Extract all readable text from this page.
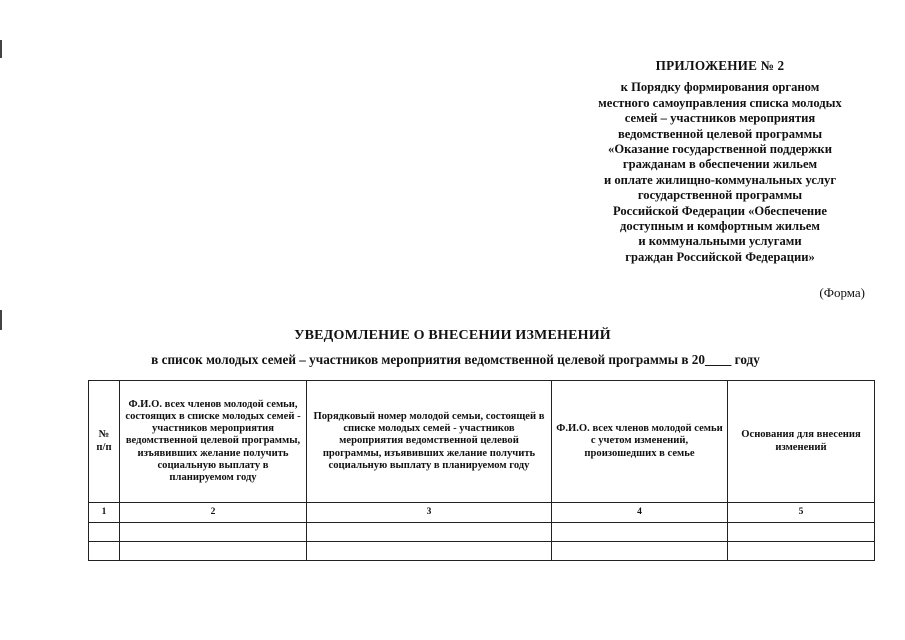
ПРИЛОЖЕНИЕ № 2
к Порядку формирования органом
местного самоуправления списка молодых
семей – участников мероприятия
ведомственной целевой программы
«Оказание государственной поддержки
гражданам в обеспечении жильем
и оплате жилищно-коммунальных услуг
государственной программы
Российской Федерации «Обеспечение
доступным и комфортным жильем
и коммунальными услугами
граждан Российской Федерации»
(Форма)
УВЕДОМЛЕНИЕ О ВНЕСЕНИИ ИЗМЕНЕНИЙ
в список молодых семей – участников мероприятия ведомственной целевой программы в 20____ году
№ п/п	Ф.И.О. всех членов молодой семьи, состоящих в списке молодых семей - участников мероприятия ведомственной целевой программы, изъявивших желание получить социальную выплату в планируемом году	Порядковый номер молодой семьи, состоящей в списке молодых семей - участников мероприятия ведомственной целевой программы, изъявивших желание получить социальную выплату в планируемом году	Ф.И.О. всех членов молодой семьи с учетом изменений, произошедших в семье	Основания для внесения изменений
1	2	3	4	5
